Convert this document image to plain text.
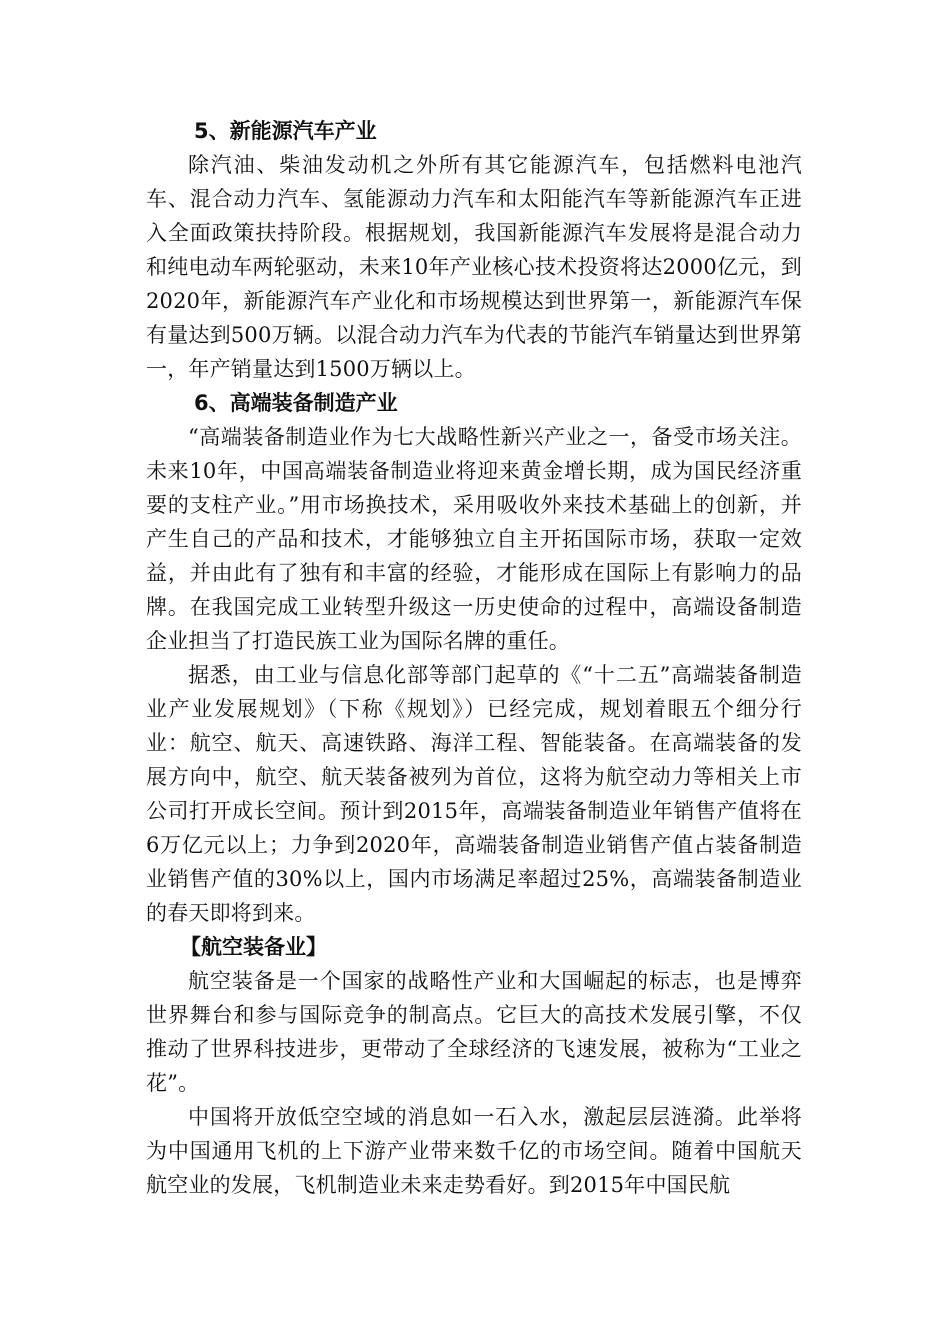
5、新能源汽车产业

除汽油、柴油发动机之外所有其它能源汽车，包括燃料电池汽车、混合动力汽车、氢能源动力汽车和太阳能汽车等新能源汽车正进入全面政策扶持阶段。根据规划，我国新能源汽车发展将是混合动力和纯电动车两轮驱动，未来10年产业核心技术投资将达2000亿元，到2020年，新能源汽车产业化和市场规模达到世界第一，新能源汽车保有量达到500万辆。以混合动力汽车为代表的节能汽车销量达到世界第一，年产销量达到1500万辆以上。

6、高端装备制造产业

“高端装备制造业作为七大战略性新兴产业之一，备受市场关注。未来10年，中国高端装备制造业将迎来黄金增长期，成为国民经济重要的支柱产业。”用市场换技术，采用吸收外来技术基础上的创新，并产生自己的产品和技术，才能够独立自主开拓国际市场，获取一定效益，并由此有了独有和丰富的经验，才能形成在国际上有影响力的品牌。在我国完成工业转型升级这一历史使命的过程中，高端设备制造企业担当了打造民族工业为国际名牌的重任。

据悉，由工业与信息化部等部门起草的《“十二五”高端装备制造业产业发展规划》（下称《规划》）已经完成，规划着眼五个细分行业：航空、航天、高速铁路、海洋工程、智能装备。在高端装备的发展方向中，航空、航天装备被列为首位，这将为航空动力等相关上市公司打开成长空间。预计到2015年，高端装备制造业年销售产值将在6万亿元以上；力争到2020年，高端装备制造业销售产值占装备制造业销售产值的30%以上，国内市场满足率超过25%，高端装备制造业的春天即将到来。

【航空装备业】

航空装备是一个国家的战略性产业和大国崛起的标志，也是博弈世界舞台和参与国际竞争的制高点。它巨大的高技术发展引擎，不仅推动了世界科技进步，更带动了全球经济的飞速发展，被称为“工业之花”。

中国将开放低空空域的消息如一石入水，激起层层涟漪。此举将为中国通用飞机的上下游产业带来数千亿的市场空间。随着中国航天航空业的发展，飞机制造业未来走势看好。到2015年中国民航
